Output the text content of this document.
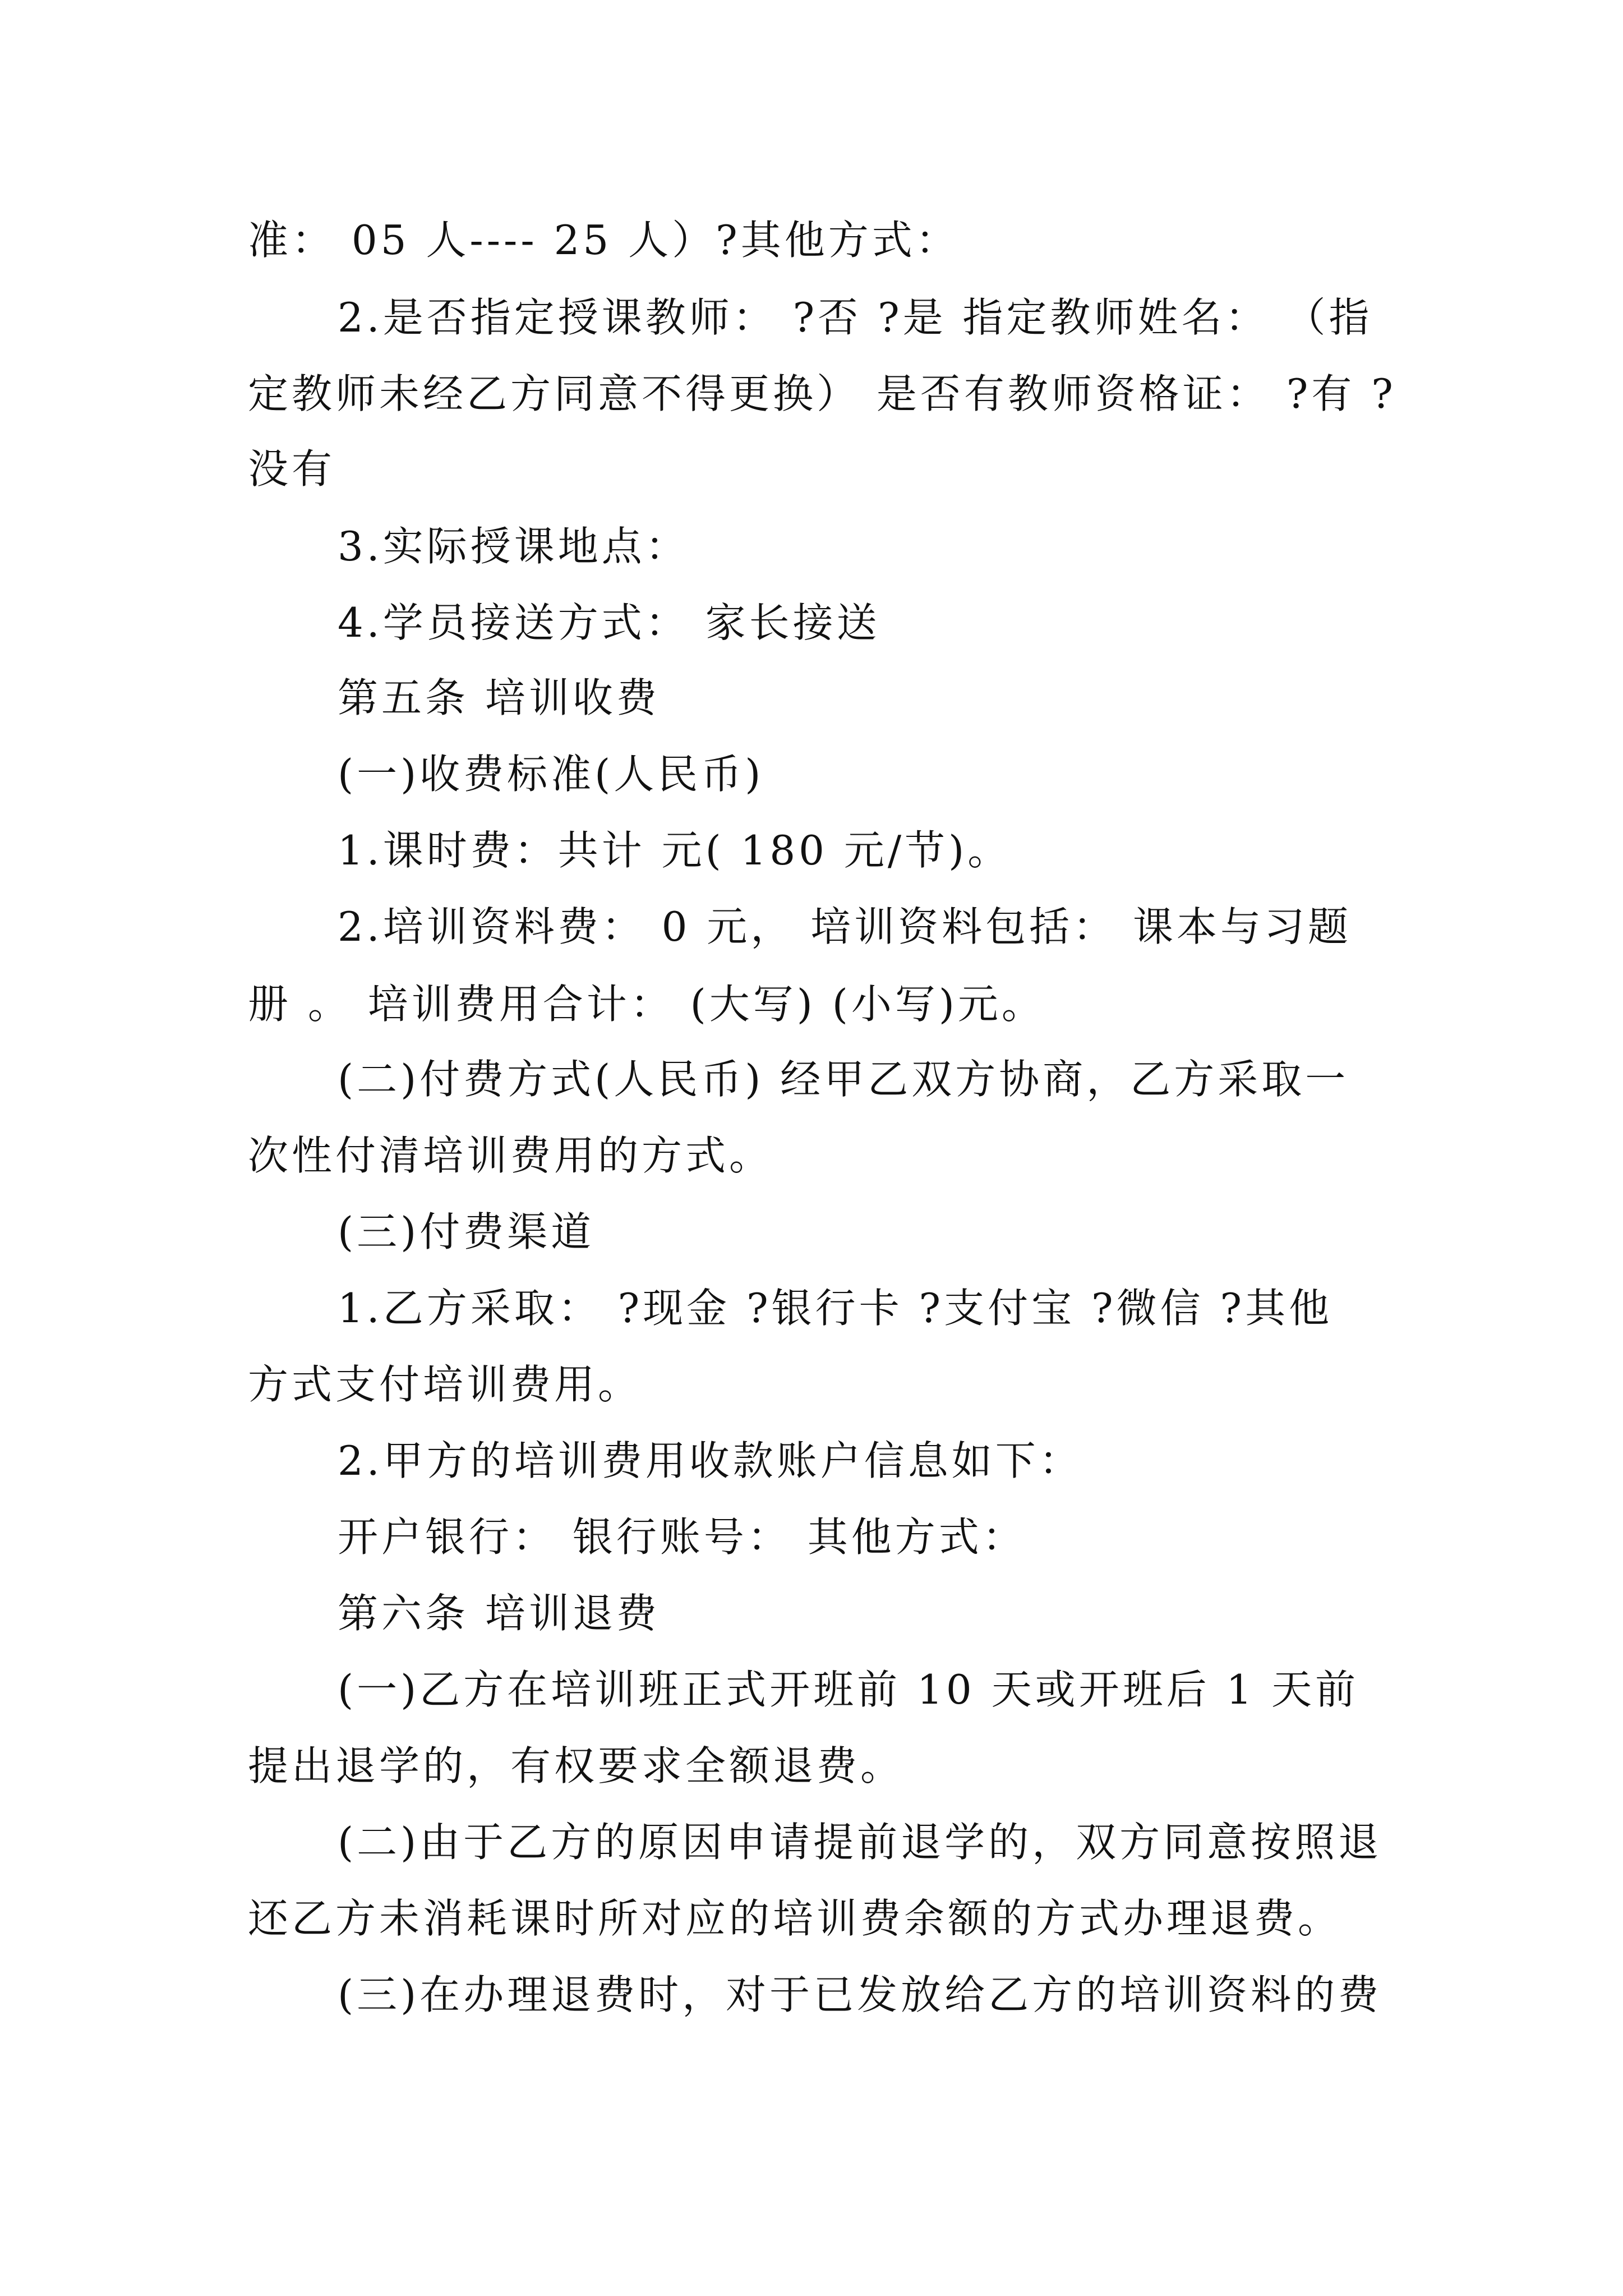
准： 05 人---- 25 人）?其他方式：
2.是否指定授课教师： ?否 ?是 指定教师姓名： （指
定教师未经乙方同意不得更换） 是否有教师资格证： ?有 ?
没有
3.实际授课地点：
4.学员接送方式： 家长接送
第五条 培训收费
(一)收费标准(人民币)
1.课时费：共计 元( 180 元/节)。
2.培训资料费： 0 元， 培训资料包括： 课本与习题
册 。 培训费用合计： (大写) (小写)元。
(二)付费方式(人民币) 经甲乙双方协商，乙方采取一
次性付清培训费用的方式。
(三)付费渠道
1.乙方采取： ?现金 ?银行卡 ?支付宝 ?微信 ?其他
方式支付培训费用。
2.甲方的培训费用收款账户信息如下：
开户银行： 银行账号： 其他方式：
第六条 培训退费
(一)乙方在培训班正式开班前 10 天或开班后 1 天前
提出退学的，有权要求全额退费。
(二)由于乙方的原因申请提前退学的，双方同意按照退
还乙方未消耗课时所对应的培训费余额的方式办理退费。
(三)在办理退费时，对于已发放给乙方的培训资料的费
